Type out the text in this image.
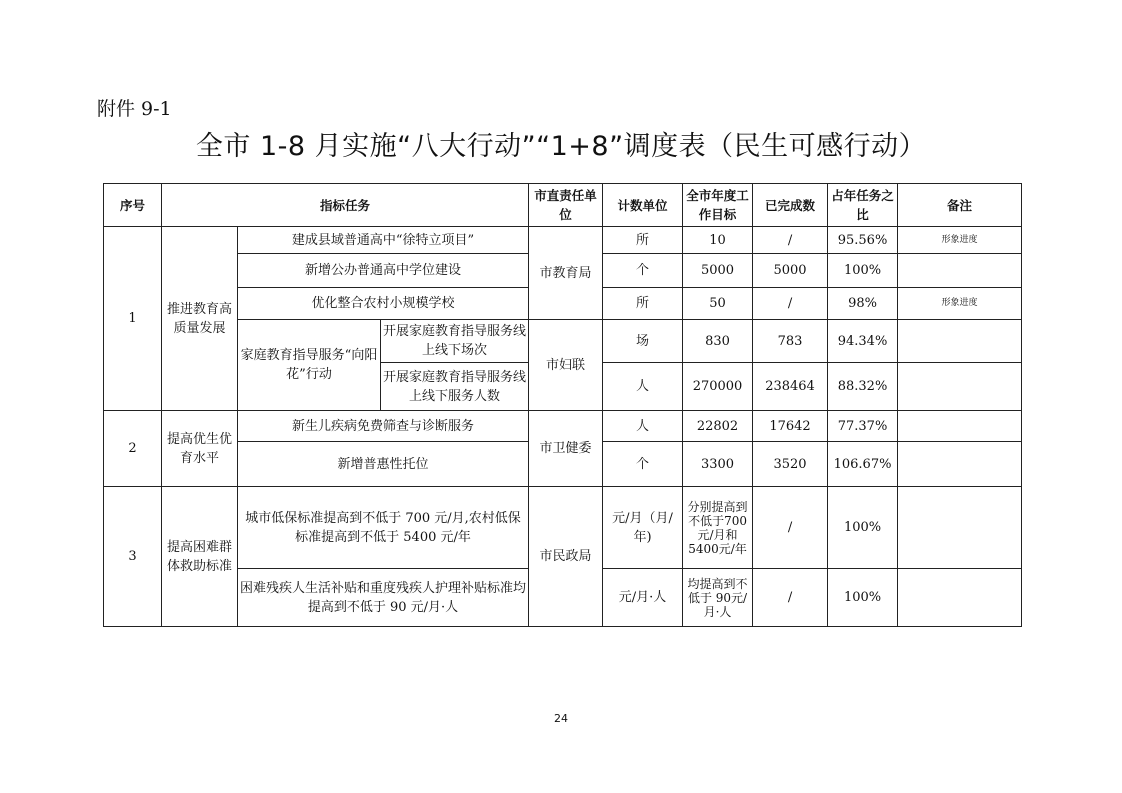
附件 9-1
全市 1-8 月实施“八大行动”“1+8”调度表（民生可感行动）
序号	指标任务			市直责任单位	计数单位	全市年度工作目标	已完成数	占年任务之比	备注
1	推进教育高质量发展	建成县域普通高中“徐特立项目”		市教育局	所	10	/	95.56%	形象进度
		新增公办普通高中学位建设			个	5000	5000	100%	
		优化整合农村小规模学校			所	50	/	98%	形象进度
		家庭教育指导服务“向阳花”行动	开展家庭教育指导服务线上线下场次	市妇联	场	830	783	94.34%	
			开展家庭教育指导服务线上线下服务人数		人	270000	238464	88.32%	
2	提高优生优育水平	新生儿疾病免费筛查与诊断服务		市卫健委	人	22802	17642	77.37%	
		新增普惠性托位			个	3300	3520	106.67%	
3	提高困难群体救助标准	城市低保标准提高到不低于 700 元/月,农村低保标准提高到不低于 5400 元/年		市民政局	元/月（月/年)	分别提高到不低于700 元/月和5400元/年	/	100%	
		困难残疾人生活补贴和重度残疾人护理补贴标准均提高到不低于 90 元/月·人			元/月·人	均提高到不低于 90元/月·人	/	100%	
24
